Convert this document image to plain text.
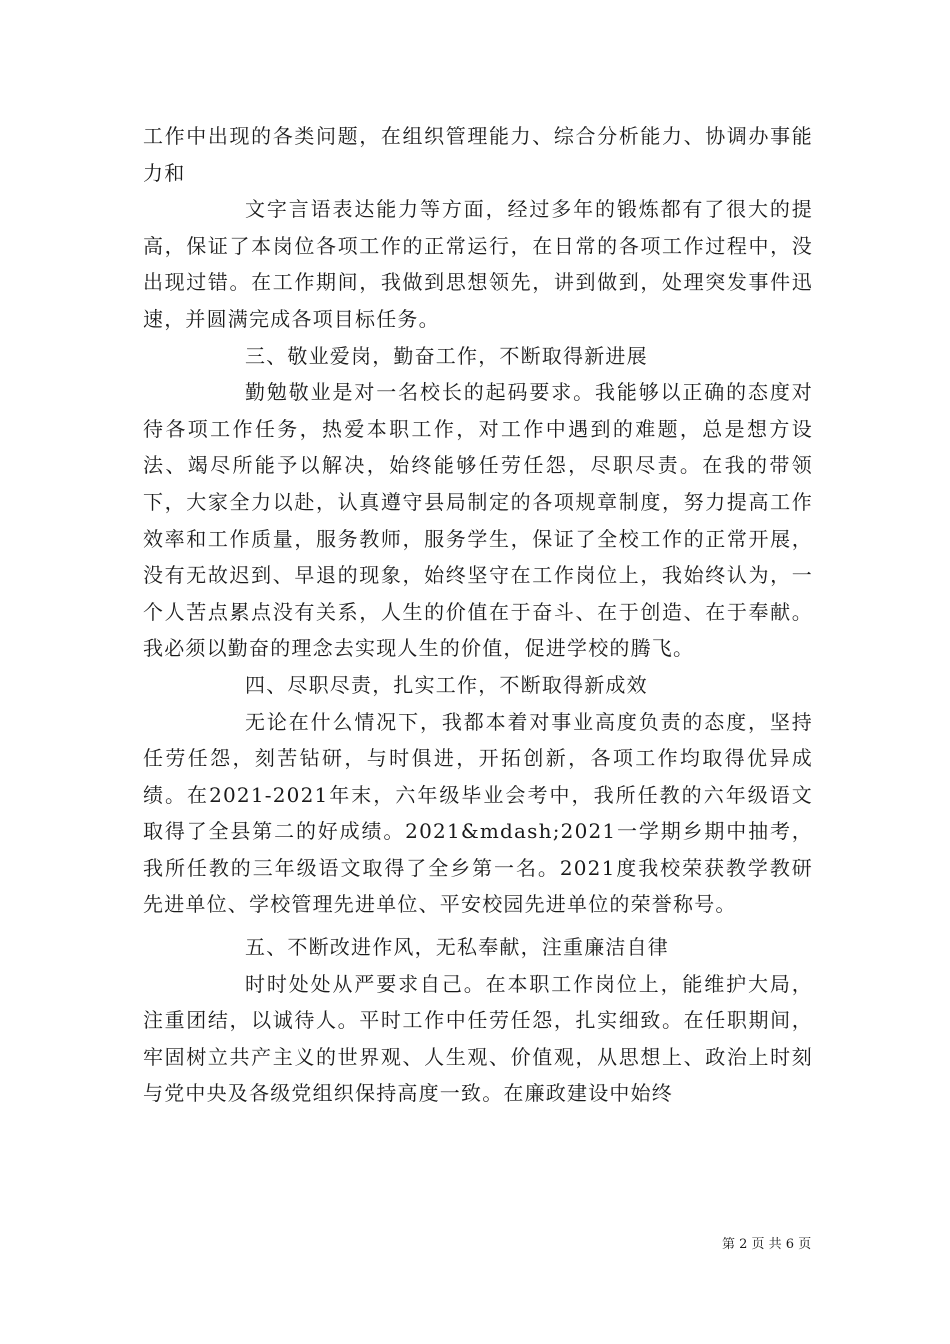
工作中出现的各类问题，在组织管理能力、综合分析能力、协调办事能力和

文字言语表达能力等方面，经过多年的锻炼都有了很大的提高，保证了本岗位各项工作的正常运行，在日常的各项工作过程中，没出现过错。在工作期间，我做到思想领先，讲到做到，处理突发事件迅速，并圆满完成各项目标任务。

三、敬业爱岗，勤奋工作，不断取得新进展

勤勉敬业是对一名校长的起码要求。我能够以正确的态度对待各项工作任务，热爱本职工作，对工作中遇到的难题，总是想方设法、竭尽所能予以解决，始终能够任劳任怨，尽职尽责。在我的带领下，大家全力以赴，认真遵守县局制定的各项规章制度，努力提高工作效率和工作质量，服务教师，服务学生，保证了全校工作的正常开展，没有无故迟到、早退的现象，始终坚守在工作岗位上，我始终认为，一个人苦点累点没有关系，人生的价值在于奋斗、在于创造、在于奉献。我必须以勤奋的理念去实现人生的价值，促进学校的腾飞。

四、尽职尽责，扎实工作，不断取得新成效

无论在什么情况下，我都本着对事业高度负责的态度，坚持任劳任怨，刻苦钻研，与时俱进，开拓创新，各项工作均取得优异成绩。在2021-2021年末，六年级毕业会考中，我所任教的六年级语文取得了全县第二的好成绩。2021&mdash;2021一学期乡期中抽考，我所任教的三年级语文取得了全乡第一名。2021度我校荣获教学教研先进单位、学校管理先进单位、平安校园先进单位的荣誉称号。

五、不断改进作风，无私奉献，注重廉洁自律

时时处处从严要求自己。在本职工作岗位上，能维护大局，注重团结，以诚待人。平时工作中任劳任怨，扎实细致。在任职期间，牢固树立共产主义的世界观、人生观、价值观，从思想上、政治上时刻与党中央及各级党组织保持高度一致。在廉政建设中始终

第 2 页 共 6 页
